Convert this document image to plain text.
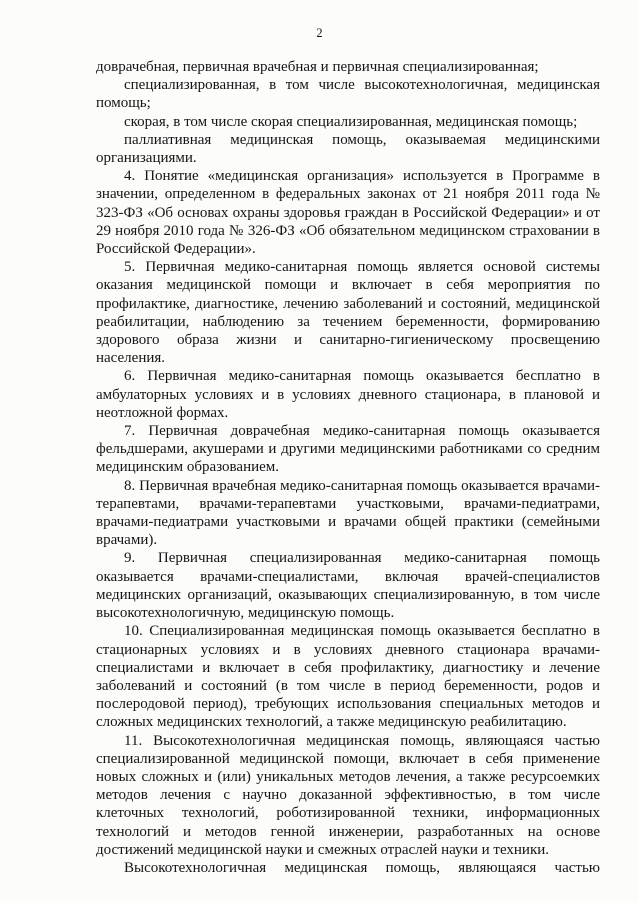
2

доврачебная, первичная врачебная и первичная специализированная;

специализированная, в том числе высокотехнологичная, медицинская помощь;

скорая, в том числе скорая специализированная, медицинская помощь;

паллиативная медицинская помощь, оказываемая медицинскими организациями.

4. Понятие «медицинская организация» используется в Программе в значении, определенном в федеральных законах от 21 ноября 2011 года № 323-ФЗ «Об основах охраны здоровья граждан в Российской Федерации» и от 29 ноября 2010 года № 326-ФЗ «Об обязательном медицинском страховании в Российской Федерации».

5. Первичная медико-санитарная помощь является основой системы оказания медицинской помощи и включает в себя мероприятия по профилактике, диагностике, лечению заболеваний и состояний, медицинской реабилитации, наблюдению за течением беременности, формированию здорового образа жизни и санитарно-гигиеническому просвещению населения.

6. Первичная медико-санитарная помощь оказывается бесплатно в амбулаторных условиях и в условиях дневного стационара, в плановой и неотложной формах.

7. Первичная доврачебная медико-санитарная помощь оказывается фельдшерами, акушерами и другими медицинскими работниками со средним медицинским образованием.

8. Первичная врачебная медико-санитарная помощь оказывается врачами-терапевтами, врачами-терапевтами участковыми, врачами-педиатрами, врачами-педиатрами участковыми и врачами общей практики (семейными врачами).

9. Первичная специализированная медико-санитарная помощь оказывается врачами-специалистами, включая врачей-специалистов медицинских организаций, оказывающих специализированную, в том числе высокотехнологичную, медицинскую помощь.

10. Специализированная медицинская помощь оказывается бесплатно в стационарных условиях и в условиях дневного стационара врачами-специалистами и включает в себя профилактику, диагностику и лечение заболеваний и состояний (в том числе в период беременности, родов и послеродовой период), требующих использования специальных методов и сложных медицинских технологий, а также медицинскую реабилитацию.

11. Высокотехнологичная медицинская помощь, являющаяся частью специализированной медицинской помощи, включает в себя применение новых сложных и (или) уникальных методов лечения, а также ресурсоемких методов лечения с научно доказанной эффективностью, в том числе клеточных технологий, роботизированной техники, информационных технологий и методов генной инженерии, разработанных на основе достижений медицинской науки и смежных отраслей науки и техники.

Высокотехнологичная медицинская помощь, являющаяся частью
